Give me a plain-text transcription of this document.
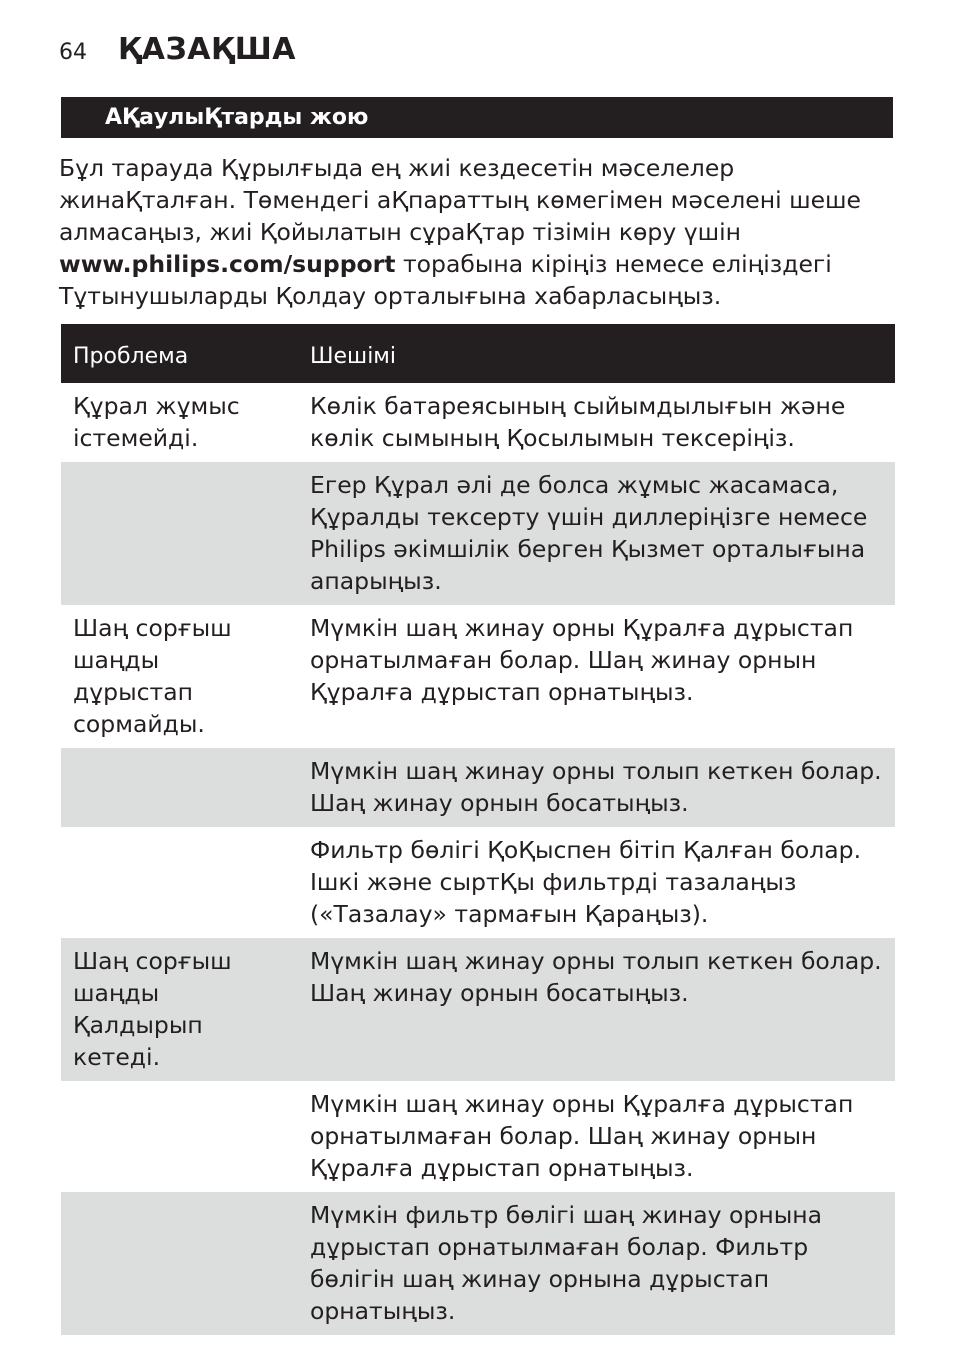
64 ҚАЗАҚША
АҚаулыҚтарды жою
Бұл тарауда Құрылғыда ең жиі кездесетін мәселелер жинаҚталған. Төмендегі аҚпараттың көмегімен мәселені шеше алмасаңыз, жиі Қойылатын сұраҚтар тізімін көру үшін www.philips.com/support торабына кіріңіз немесе еліңіздегі Тұтынушыларды Қолдау орталығына хабарласыңыз.
Проблема	Шешімі
Құрал жұмыс істемейді.	Көлік батареясының сыйымдылығын және көлік сымының Қосылымын тексеріңіз.
	Егер Құрал әлі де болса жұмыс жасамаса, Құралды тексерту үшін диллеріңізге немесе Philips әкімшілік берген Қызмет орталығына апарыңыз.
Шаң сорғыш шаңды дұрыстап сормайды.	Мүмкін шаң жинау орны Құралға дұрыстап орнатылмаған болар. Шаң жинау орнын Құралға дұрыстап орнатыңыз.
	Мүмкін шаң жинау орны толып кеткен болар. Шаң жинау орнын босатыңыз.
	Фильтр бөлігі ҚоҚыспен бітіп Қалған болар. Ішкі және сыртҚы фильтрді тазалаңыз («Тазалау» тармағын Қараңыз).
Шаң сорғыш шаңды Қалдырып кетеді.	Мүмкін шаң жинау орны толып кеткен болар. Шаң жинау орнын босатыңыз.
	Мүмкін шаң жинау орны Құралға дұрыстап орнатылмаған болар. Шаң жинау орнын Құралға дұрыстап орнатыңыз.
	Мүмкін фильтр бөлігі шаң жинау орнына дұрыстап орнатылмаған болар. Фильтр бөлігін шаң жинау орнына дұрыстап орнатыңыз.
